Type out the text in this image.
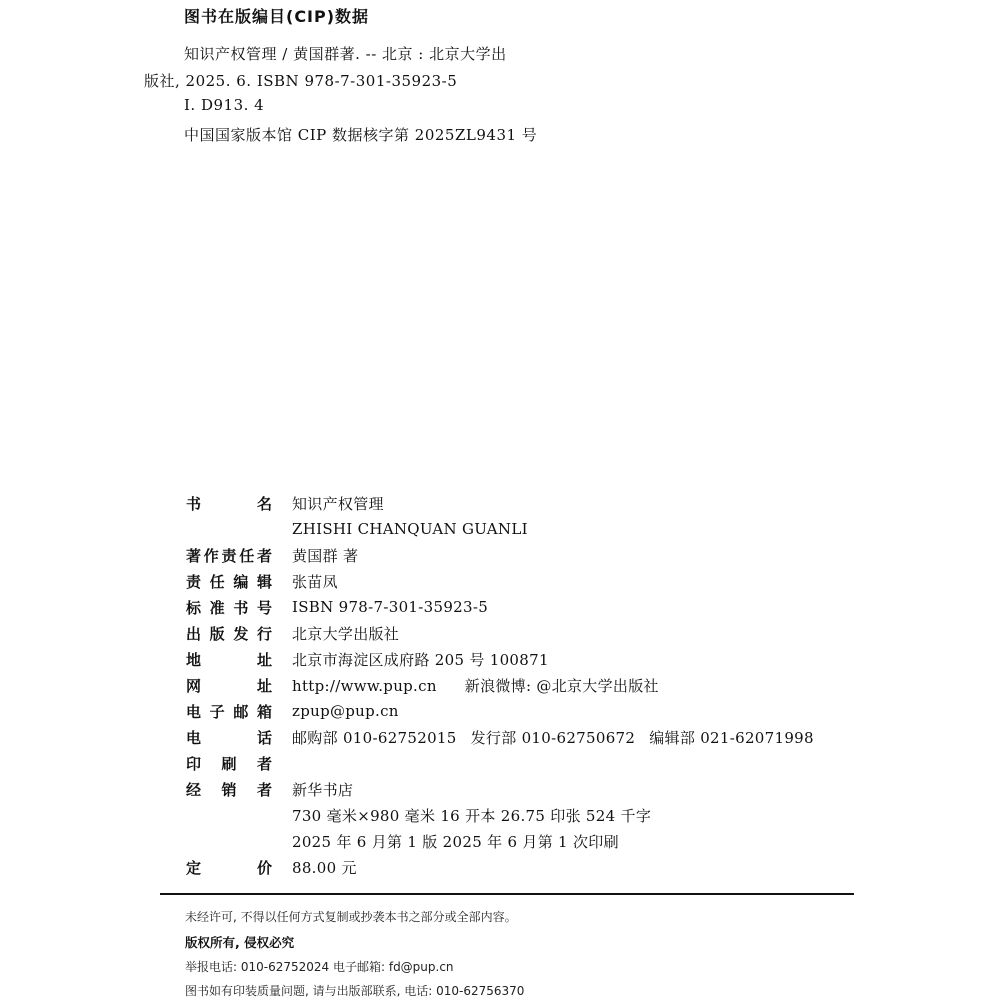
图书在版编目(CIP)数据
知识产权管理 / 黄国群著. -- 北京 : 北京大学出
版社, 2025. 6. ISBN 978-7-301-35923-5
Ⅰ. D913. 4
中国国家版本馆 CIP 数据核字第 2025ZL9431 号
书	名 知识产权管理
ZHISHI CHANQUAN GUANLI
著 作 责 任 者 黄国群 著
责 任 编 辑 张苗凤
标 准 书 号 ISBN 978-7-301-35923-5
出 版 发 行 北京大学出版社
地	址 北京市海淀区成府路 205 号 100871
网	址 http://www.pup.cn 新浪微博: @北京大学出版社
电 子 邮 箱 zpup@pup.cn
电	话 邮购部 010-62752015 发行部 010-62750672 编辑部 021-62071998
印 刷 者
经 销 者 新华书店
730 毫米×980 毫米 16 开本 26.75 印张 524 千字
2025 年 6 月第 1 版 2025 年 6 月第 1 次印刷
定	价 88.00 元
未经许可, 不得以任何方式复制或抄袭本书之部分或全部内容。
版权所有, 侵权必究
举报电话: 010-62752024 电子邮箱: fd@pup.cn
图书如有印装质量问题, 请与出版部联系, 电话: 010-62756370
